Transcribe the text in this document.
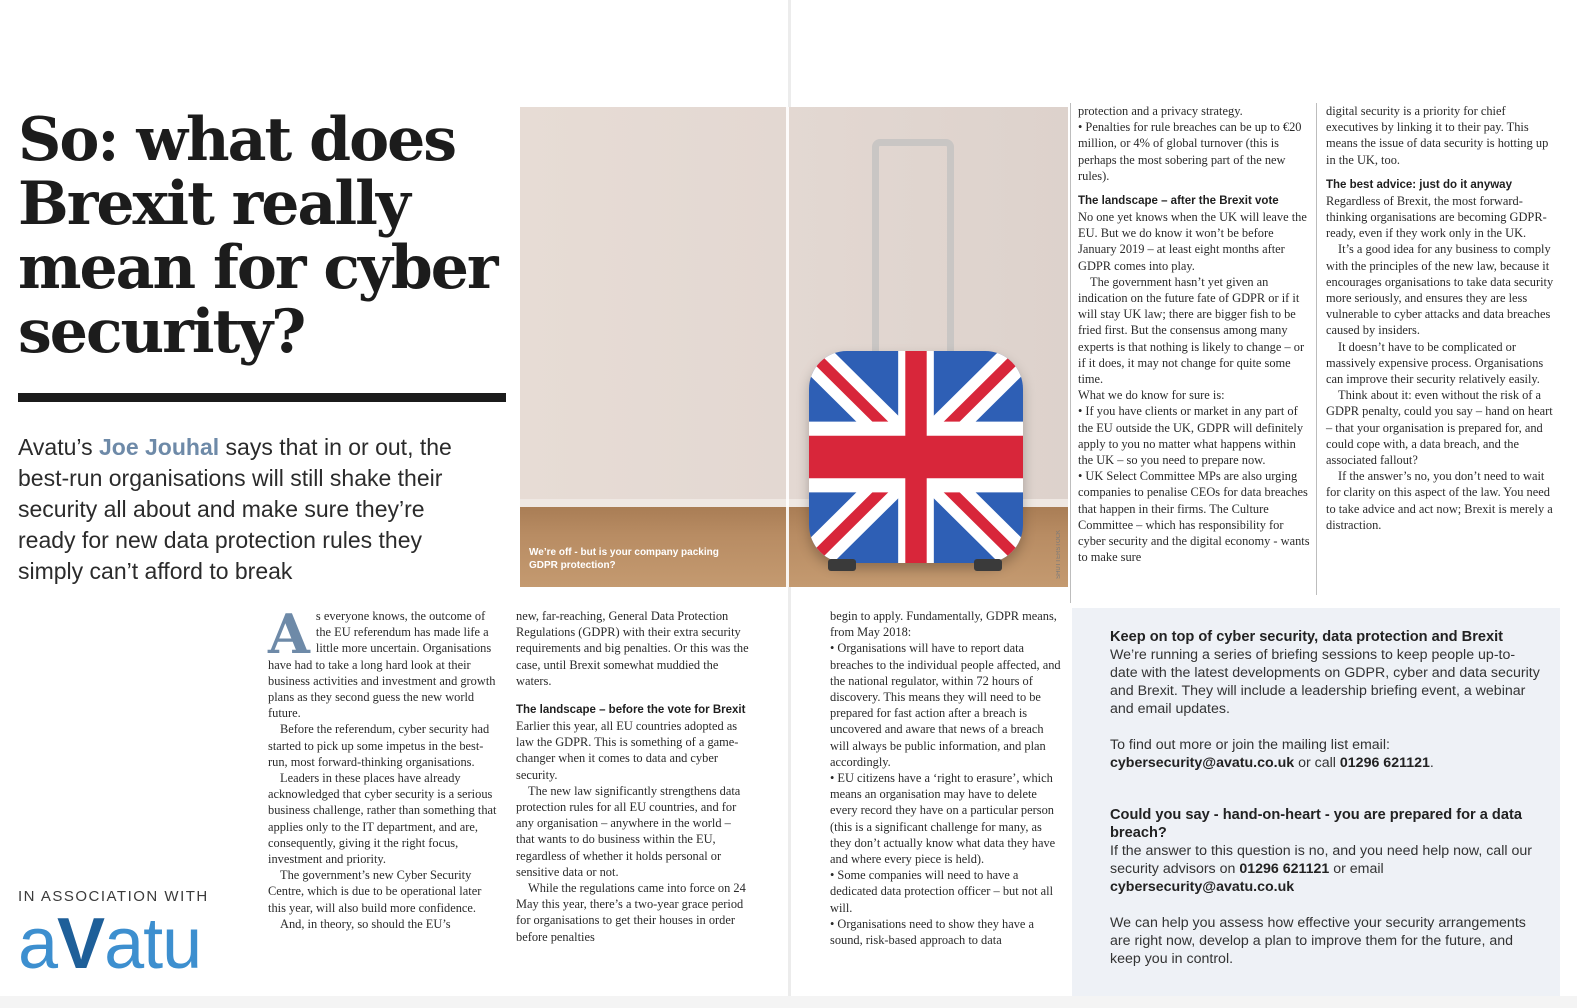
So: what does Brexit really mean for cyber security?

Avatu’s Joe Jouhal says that in or out, the best-run organisations will still shake their security all about and make sure they’re ready for new data protection rules they simply can’t afford to break

We’re off - but is your company packing GDPR protection?	SHUTTERSTOCK

A s everyone knows, the outcome of the EU referendum has made life a little more uncertain. Organisations have had to take a long hard look at their business activities and investment and growth plans as they second guess the new world future.

Before the referendum, cyber security had started to pick up some impetus in the best-run, most forward-thinking organisations.

Leaders in these places have already acknowledged that cyber security is a serious business challenge, rather than something that applies only to the IT department, and are, consequently, giving it the right focus, investment and priority.

The government’s new Cyber Security Centre, which is due to be operational later this year, will also build more confidence.

And, in theory, so should the EU’s

new, far-reaching, General Data Protection Regulations (GDPR) with their extra security requirements and big penalties. Or this was the case, until Brexit somewhat muddied the waters.

The landscape – before the vote for Brexit

Earlier this year, all EU countries adopted as law the GDPR. This is something of a game-changer when it comes to data and cyber security.

The new law significantly strengthens data protection rules for all EU countries, and for any organisation – anywhere in the world – that wants to do business within the EU, regardless of whether it holds personal or sensitive data or not.

While the regulations came into force on 24 May this year, there’s a two-year grace period for organisations to get their houses in order before penalties

begin to apply. Fundamentally, GDPR means, from May 2018:

• Organisations will have to report data breaches to the individual people affected, and the national regulator, within 72 hours of discovery. This means they will need to be prepared for fast action after a breach is uncovered and aware that news of a breach will always be public information, and plan accordingly.

• EU citizens have a ‘right to erasure’, which means an organisation may have to delete every record they have on a particular person (this is a significant challenge for many, as they don’t actually know what data they have and where every piece is held).

• Some companies will need to have a dedicated data protection officer – but not all will.

• Organisations need to show they have a sound, risk-based approach to data

protection and a privacy strategy.

• Penalties for rule breaches can be up to €20 million, or 4% of global turnover (this is perhaps the most sobering part of the new rules).

The landscape – after the Brexit vote

No one yet knows when the UK will leave the EU. But we do know it won’t be before January 2019 – at least eight months after GDPR comes into play.

The government hasn’t yet given an indication on the future fate of GDPR or if it will stay UK law; there are bigger fish to be fried first. But the consensus among many experts is that nothing is likely to change – or if it does, it may not change for quite some time.

What we do know for sure is:

• If you have clients or market in any part of the EU outside the UK, GDPR will definitely apply to you no matter what happens within the UK – so you need to prepare now.

• UK Select Committee MPs are also urging companies to penalise CEOs for data breaches that happen in their firms. The Culture Committee – which has responsibility for cyber security and the digital economy - wants to make sure

digital security is a priority for chief executives by linking it to their pay. This means the issue of data security is hotting up in the UK, too.

The best advice: just do it anyway

Regardless of Brexit, the most forward-thinking organisations are becoming GDPR-ready, even if they work only in the UK.

It’s a good idea for any business to comply with the principles of the new law, because it encourages organisations to take data security more seriously, and ensures they are less vulnerable to cyber attacks and data breaches caused by insiders.

It doesn’t have to be complicated or massively expensive process. Organisations can improve their security relatively easily.

Think about it: even without the risk of a GDPR penalty, could you say – hand on heart – that your organisation is prepared for, and could cope with, a data breach, and the associated fallout?

If the answer’s no, you don’t need to wait for clarity on this aspect of the law. You need to take advice and act now; Brexit is merely a distraction.

Keep on top of cyber security, data protection and Brexit

We’re running a series of briefing sessions to keep people up-to-date with the latest developments on GDPR, cyber and data security and Brexit. They will include a leadership briefing event, a webinar and email updates.

To find out more or join the mailing list email: cybersecurity@avatu.co.uk or call 01296 621121.

Could you say - hand-on-heart - you are prepared for a data breach?

If the answer to this question is no, and you need help now, call our security advisors on 01296 621121 or email cybersecurity@avatu.co.uk

We can help you assess how effective your security arrangements are right now, develop a plan to improve them for the future, and keep you in control.

IN ASSOCIATION WITH

aVatu
